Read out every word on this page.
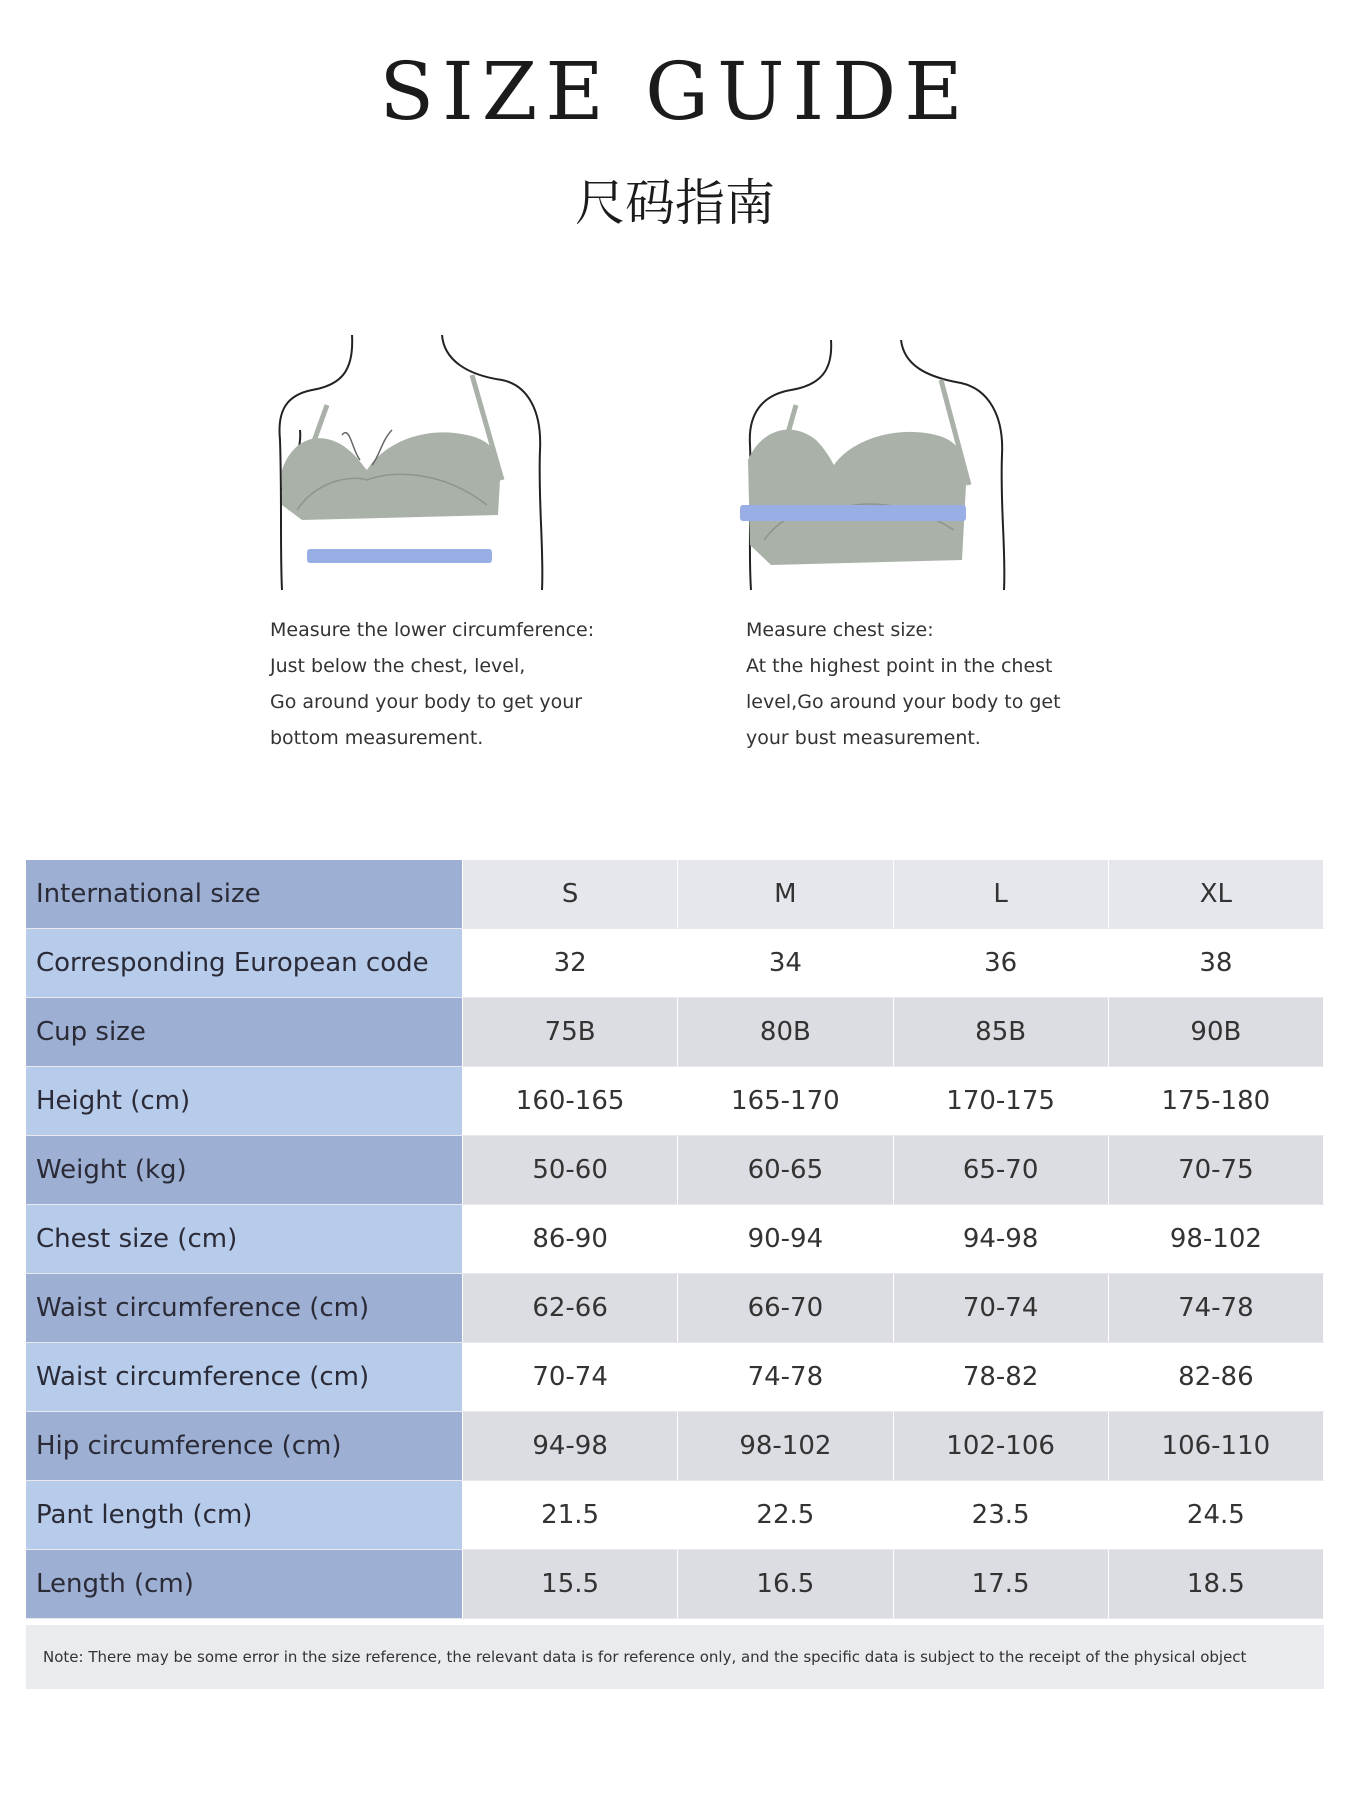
SIZE GUIDE
尺码指南
Measure the lower circumference:
Just below the chest, level,
Go around your body to get your
bottom measurement.
Measure chest size:
At the highest point in the chest
level,Go around your body to get
your bust measurement.
International size	S	M	L	XL
Corresponding European code	32	34	36	38
Cup size	75B	80B	85B	90B
Height (cm)	160-165	165-170	170-175	175-180
Weight (kg)	50-60	60-65	65-70	70-75
Chest size (cm)	86-90	90-94	94-98	98-102
Waist circumference (cm)	62-66	66-70	70-74	74-78
Waist circumference (cm)	70-74	74-78	78-82	82-86
Hip circumference (cm)	94-98	98-102	102-106	106-110
Pant length (cm)	21.5	22.5	23.5	24.5
Length (cm)	15.5	16.5	17.5	18.5
Note: There may be some error in the size reference, the relevant data is for reference only, and the specific data is subject to the receipt of the physical object
